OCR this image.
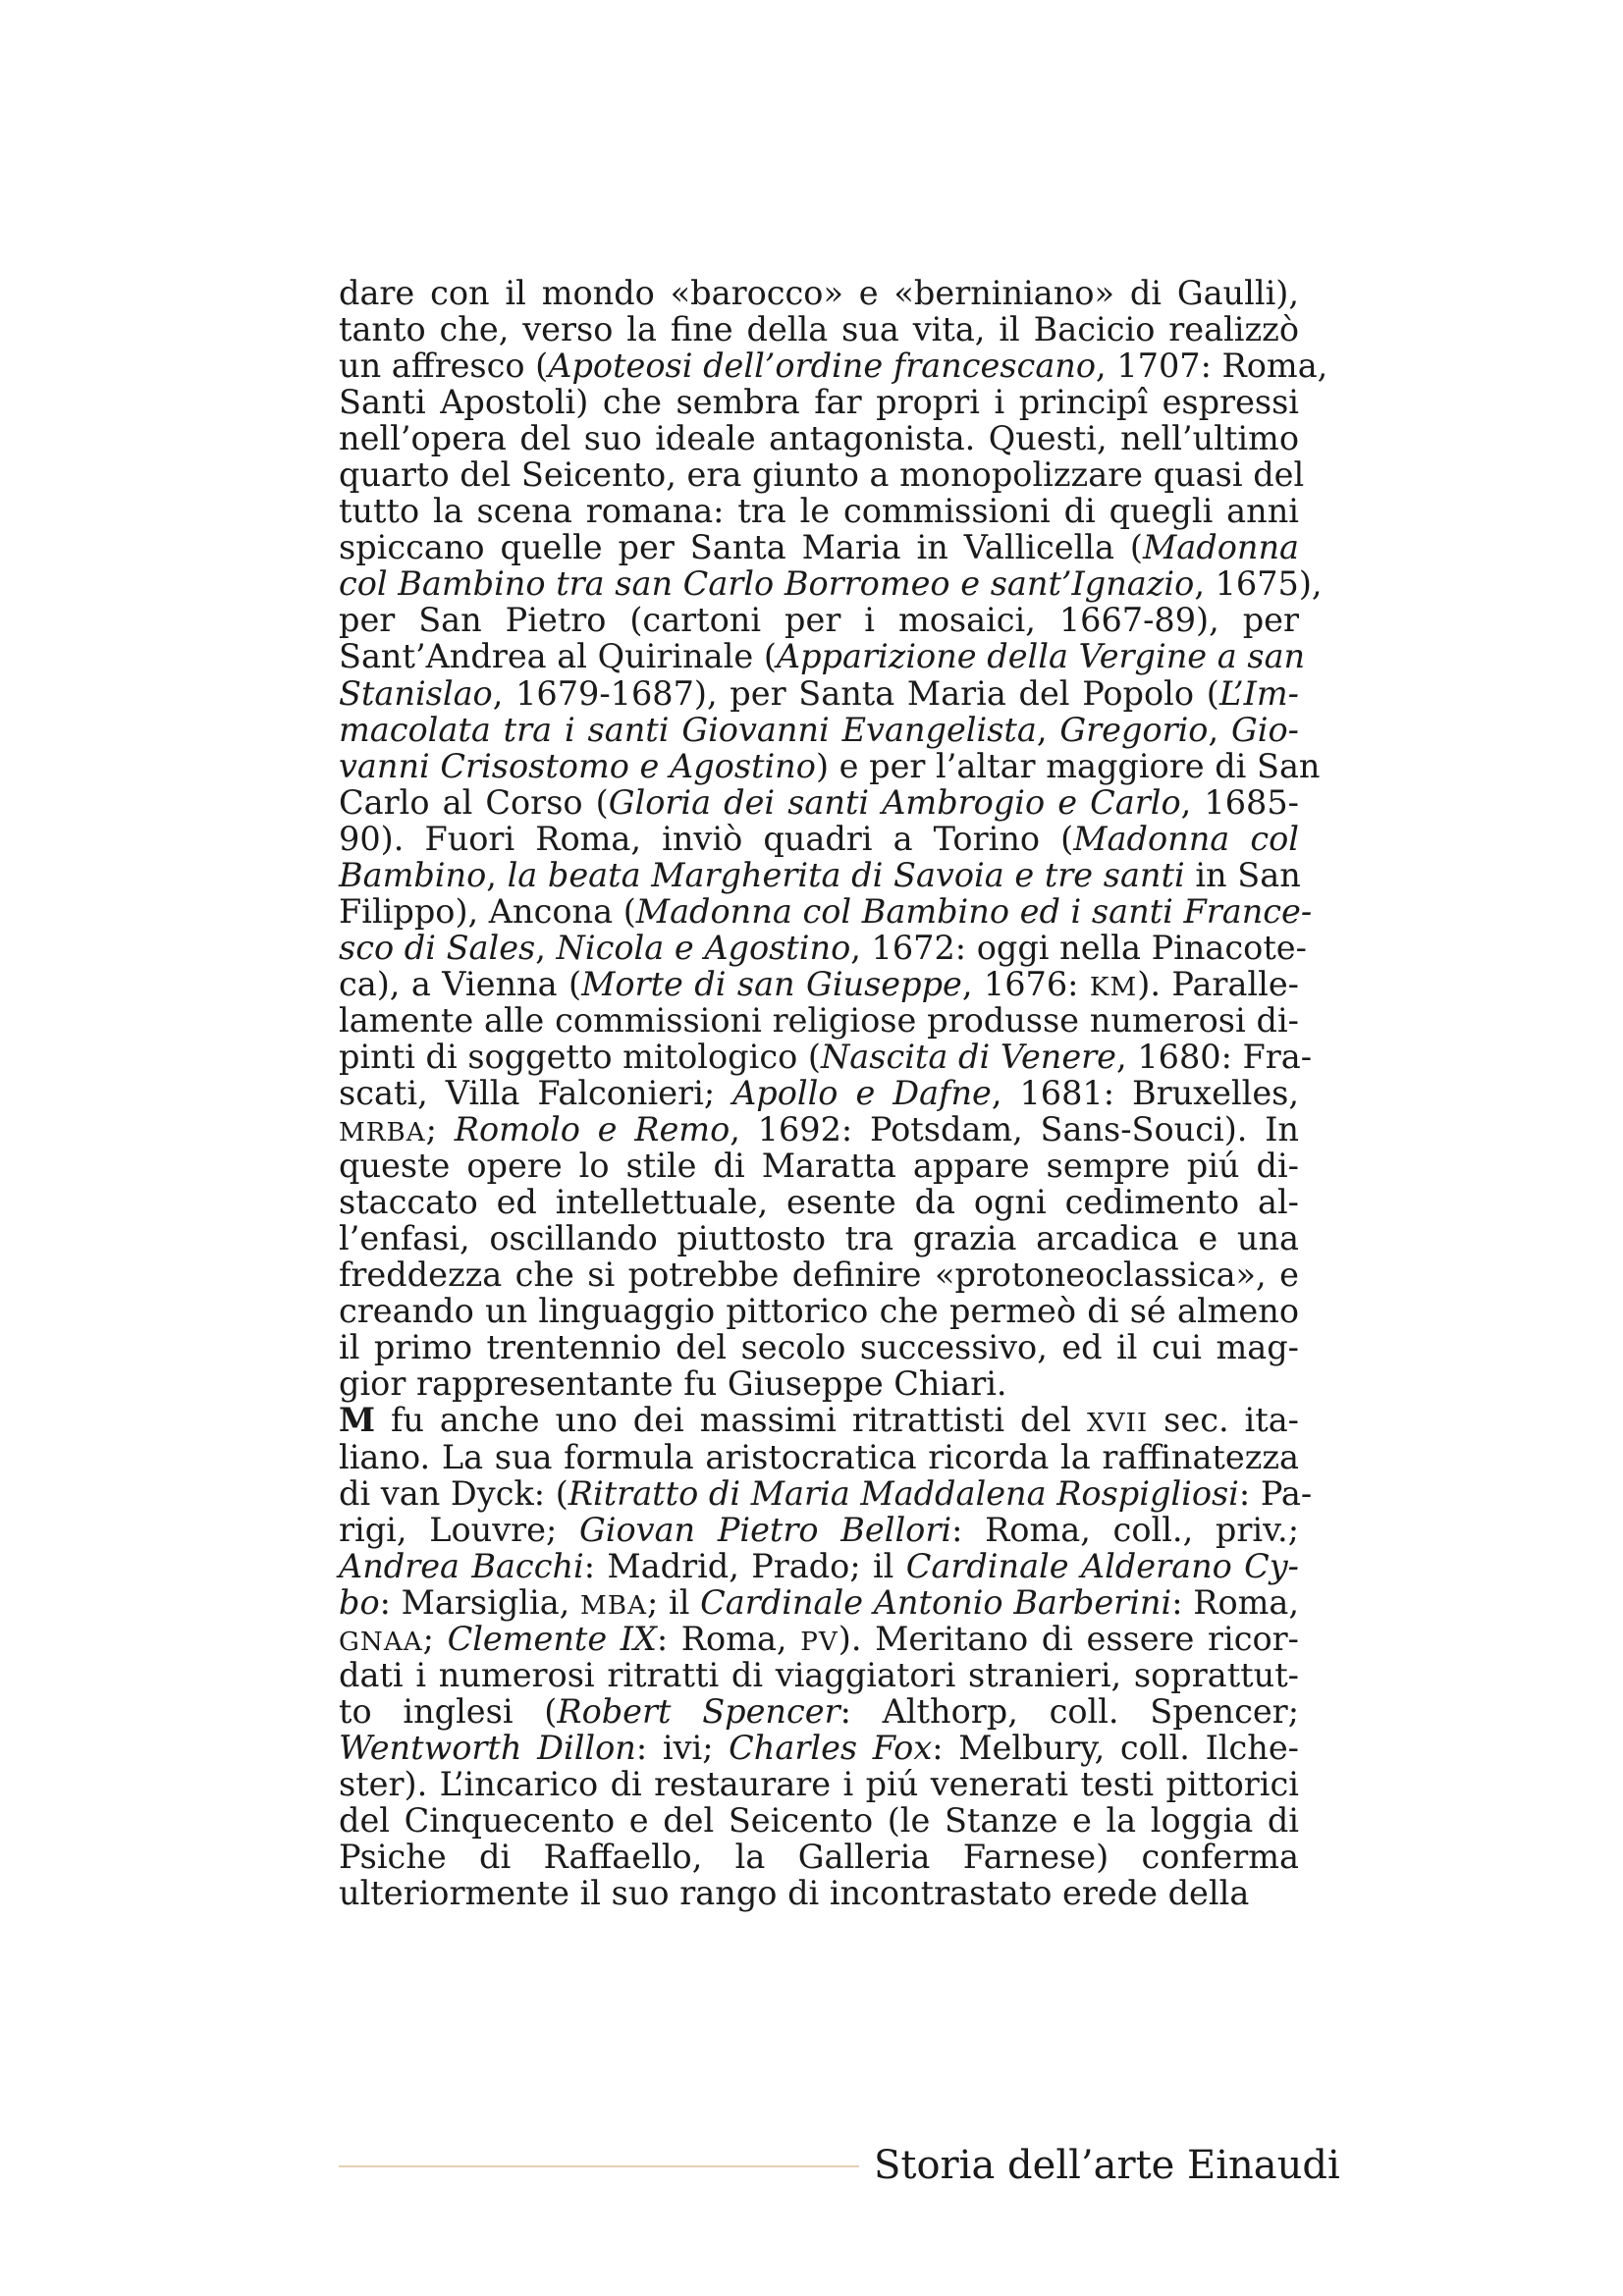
dare con il mondo «barocco» e «berniniano» di Gaulli),
tanto che, verso la fine della sua vita, il Bacicio realizzò
un affresco (Apoteosi dell’ordine francescano, 1707: Roma,
Santi Apostoli) che sembra far propri i principî espressi
nell’opera del suo ideale antagonista. Questi, nell’ultimo
quarto del Seicento, era giunto a monopolizzare quasi del
tutto la scena romana: tra le commissioni di quegli anni
spiccano quelle per Santa Maria in Vallicella (Madonna
col Bambino tra san Carlo Borromeo e sant’Ignazio, 1675),
per San Pietro (cartoni per i mosaici, 1667-89), per
Sant’Andrea al Quirinale (Apparizione della Vergine a san
Stanislao, 1679-1687), per Santa Maria del Popolo (L’Im-
macolata tra i santi Giovanni Evangelista, Gregorio, Gio-
vanni Crisostomo e Agostino) e per l’altar maggiore di San
Carlo al Corso (Gloria dei santi Ambrogio e Carlo, 1685-
90). Fuori Roma, inviò quadri a Torino (Madonna col
Bambino, la beata Margherita di Savoia e tre santi in San
Filippo), Ancona (Madonna col Bambino ed i santi France-
sco di Sales, Nicola e Agostino, 1672: oggi nella Pinacote-
ca), a Vienna (Morte di san Giuseppe, 1676: KM). Paralle-
lamente alle commissioni religiose produsse numerosi di-
pinti di soggetto mitologico (Nascita di Venere, 1680: Fra-
scati, Villa Falconieri; Apollo e Dafne, 1681: Bruxelles,
MRBA; Romolo e Remo, 1692: Potsdam, Sans-Souci). In
queste opere lo stile di Maratta appare sempre piú di-
staccato ed intellettuale, esente da ogni cedimento al-
l’enfasi, oscillando piuttosto tra grazia arcadica e una
freddezza che si potrebbe definire «protoneoclassica», e
creando un linguaggio pittorico che permeò di sé almeno
il primo trentennio del secolo successivo, ed il cui mag-
gior rappresentante fu Giuseppe Chiari.
M fu anche uno dei massimi ritrattisti del XVII sec. ita-
liano. La sua formula aristocratica ricorda la raffinatezza
di van Dyck: (Ritratto di Maria Maddalena Rospigliosi: Pa-
rigi, Louvre; Giovan Pietro Bellori: Roma, coll., priv.;
Andrea Bacchi: Madrid, Prado; il Cardinale Alderano Cy-
bo: Marsiglia, MBA; il Cardinale Antonio Barberini: Roma,
GNAA; Clemente IX: Roma, PV). Meritano di essere ricor-
dati i numerosi ritratti di viaggiatori stranieri, soprattut-
to inglesi (Robert Spencer: Althorp, coll. Spencer;
Wentworth Dillon: ivi; Charles Fox: Melbury, coll. Ilche-
ster). L’incarico di restaurare i piú venerati testi pittorici
del Cinquecento e del Seicento (le Stanze e la loggia di
Psiche di Raffaello, la Galleria Farnese) conferma
ulteriormente il suo rango di incontrastato erede della
Storia dell’arte Einaudi
